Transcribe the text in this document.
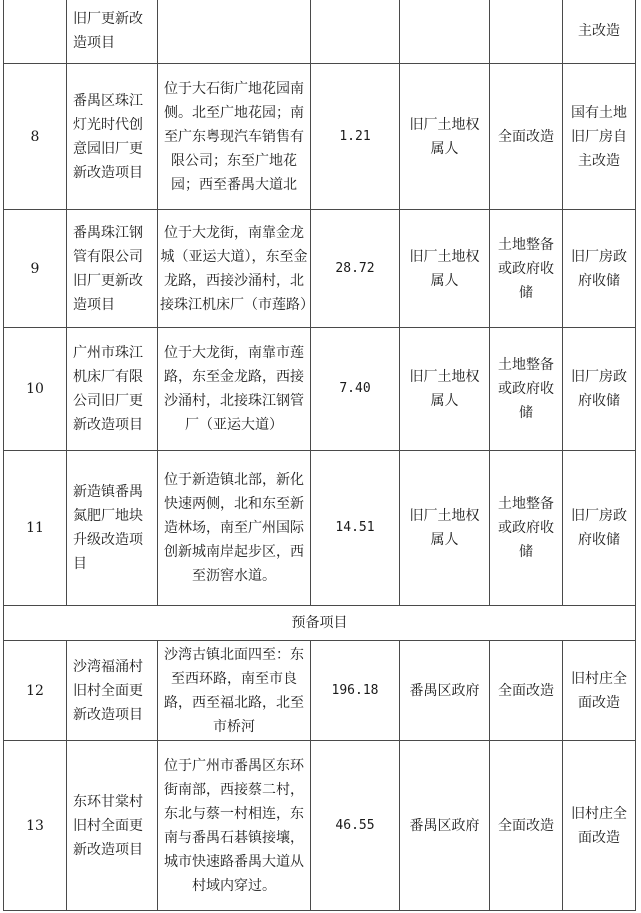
	旧厂更新改造项目					主改造
8	番禺区珠江灯光时代创意园旧厂更新改造项目	位于大石街广地花园南侧。北至广地花园；南至广东粤现汽车销售有限公司；东至广地花园；西至番禺大道北	1.21	旧厂土地权属人	全面改造	国有土地旧厂房自主改造
9	番禺珠江钢管有限公司旧厂更新改造项目	位于大龙街，南靠金龙城（亚运大道），东至金龙路，西接沙涌村，北接珠江机床厂（市莲路）	28.72	旧厂土地权属人	土地整备或政府收储	旧厂房政府收储
10	广州市珠江机床厂有限公司旧厂更新改造项目	位于大龙街，南靠市莲路，东至金龙路，西接沙涌村，北接珠江钢管厂（亚运大道）	7.40	旧厂土地权属人	土地整备或政府收储	旧厂房政府收储
11	新造镇番禺氮肥厂地块升级改造项目	位于新造镇北部，新化快速两侧，北和东至新造林场，南至广州国际创新城南岸起步区，西至沥窖水道。	14.51	旧厂土地权属人	土地整备或政府收储	旧厂房政府收储
预备项目						
12	沙湾福涌村旧村全面更新改造项目	沙湾古镇北面四至：东至西环路，南至市良路，西至福北路，北至市桥河	196.18	番禺区政府	全面改造	旧村庄全面改造
13	东环甘棠村旧村全面更新改造项目	位于广州市番禺区东环街南部，西接蔡二村，东北与蔡一村相连，东南与番禺石碁镇接壤，城市快速路番禺大道从村域内穿过。	46.55	番禺区政府	全面改造	旧村庄全面改造
